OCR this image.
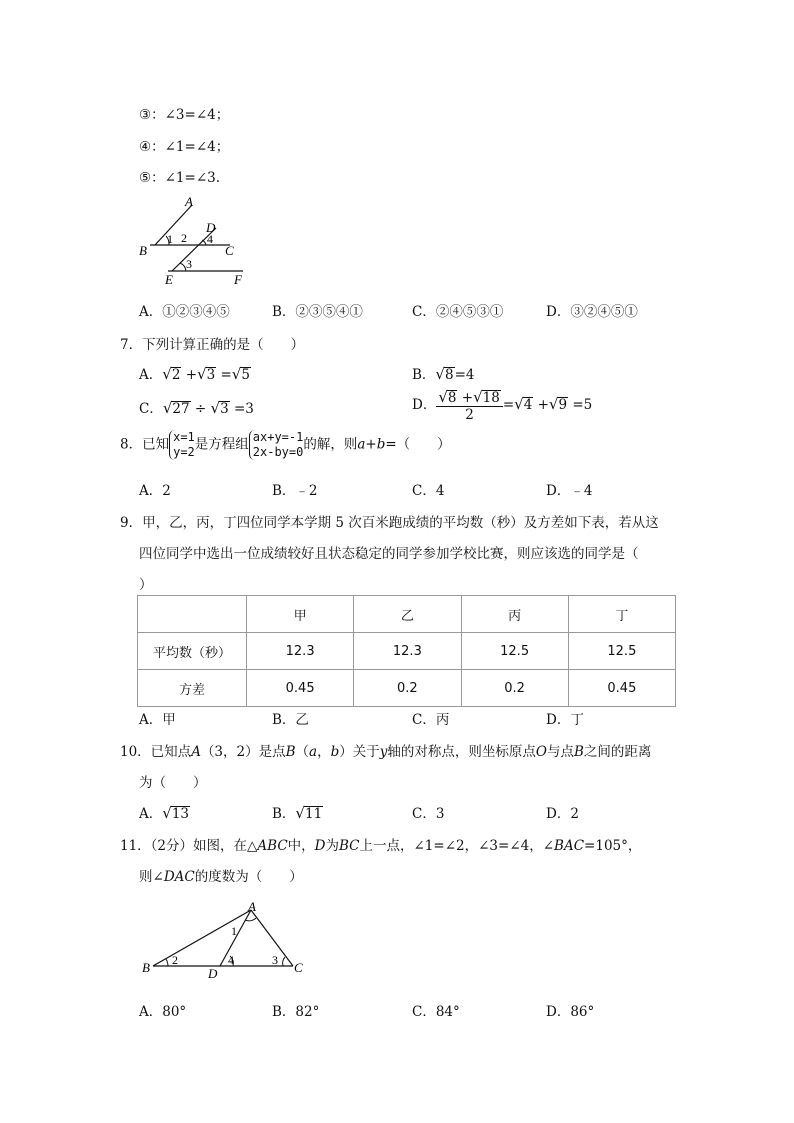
③：∠3=∠4；
④：∠1=∠4；
⑤：∠1=∠3.
A
B	C
D
E	F
1 2 4
3
A．①②③④⑤	B．②③⑤④①	C．②④⑤③①	D．③②④⑤①
7．下列计算正确的是（　　）
A．√2 +√3 =√5	B．√8=4
C．√27 ÷ √3 =3	D． $\frac{√8 +√18}{2} =√4 +√9 =5$
8．已知 x=1
y=2 是方程组 ax+y=-1
2x-by=0 的解，则a+b=（　　）
A．2	B．﹣2	C．4	D．﹣4
9．甲，乙，丙，丁四位同学本学期 5 次百米跑成绩的平均数（秒）及方差如下表，若从这
四位同学中选出一位成绩较好且状态稳定的同学参加学校比赛，则应该选的同学是（
）
	甲	乙	丙	丁
平均数（秒）	12.3	12.3	12.5	12.5
方差	0.45	0.2	0.2	0.45
A．甲	B．乙	C．丙	D．丁
10．已知点A（3，2）是点B（a，b）关于y轴的对称点，则坐标原点O与点B之间的距离
为（　　）
A．√13	B．√11	C．3	D．2
11．（2分）如图，在△ABC中，D为BC上一点，∠1=∠2，∠3=∠4，∠BAC=105°，
则∠DAC的度数为（　　）
A
B	C
D
1
2	3
4
A．80°	B．82°	C．84°	D．86°
